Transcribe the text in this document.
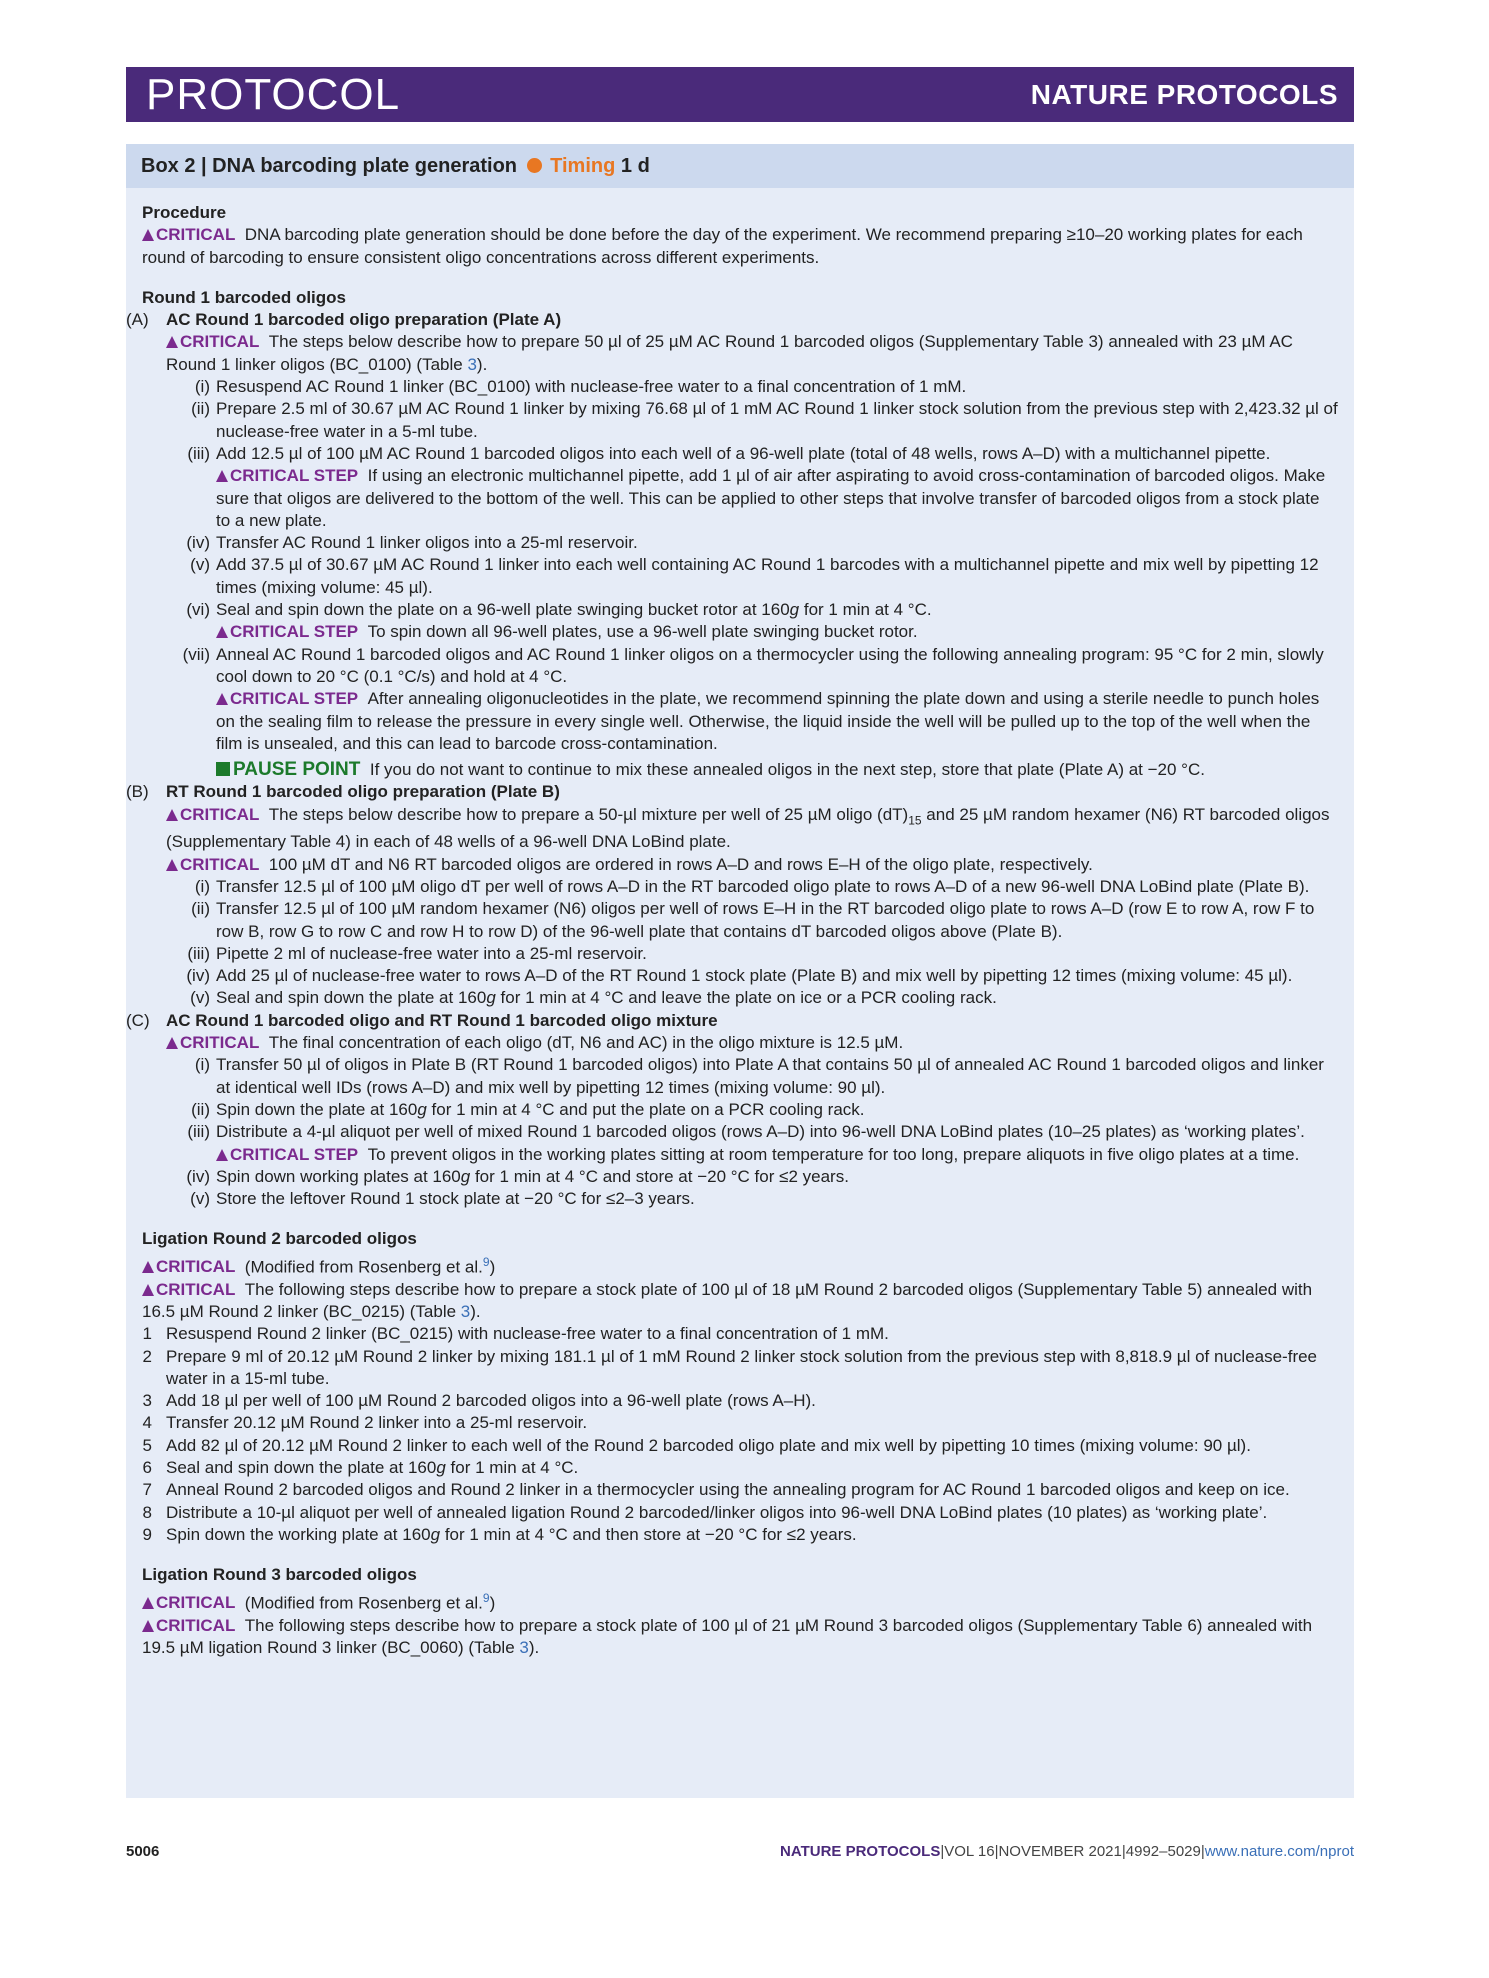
PROTOCOL	NATURE PROTOCOLS
Box 2 | DNA barcoding plate generation Timing 1 d

Procedure

CRITICAL DNA barcoding plate generation should be done before the day of the experiment. We recommend preparing ≥10–20 working plates for each round of barcoding to ensure consistent oligo concentrations across different experiments.

Round 1 barcoded oligos

(A)	AC Round 1 barcoded oligo preparation (Plate A)

CRITICAL The steps below describe how to prepare 50 µl of 25 µM AC Round 1 barcoded oligos (Supplementary Table 3) annealed with 23 µM AC Round 1 linker oligos (BC_0100) (Table 3).

(i) Resuspend AC Round 1 linker (BC_0100) with nuclease-free water to a final concentration of 1 mM.
(ii) Prepare 2.5 ml of 30.67 µM AC Round 1 linker by mixing 76.68 µl of 1 mM AC Round 1 linker stock solution from the previous step with 2,423.32 µl of nuclease-free water in a 5-ml tube.
(iii) Add 12.5 µl of 100 µM AC Round 1 barcoded oligos into each well of a 96-well plate (total of 48 wells, rows A–D) with a multichannel pipette.

CRITICAL STEP If using an electronic multichannel pipette, add 1 µl of air after aspirating to avoid cross-contamination of barcoded oligos. Make sure that oligos are delivered to the bottom of the well. This can be applied to other steps that involve transfer of barcoded oligos from a stock plate to a new plate.

(iv) Transfer AC Round 1 linker oligos into a 25-ml reservoir.
(v) Add 37.5 µl of 30.67 µM AC Round 1 linker into each well containing AC Round 1 barcodes with a multichannel pipette and mix well by pipetting 12 times (mixing volume: 45 µl).
(vi) Seal and spin down the plate on a 96-well plate swinging bucket rotor at 160g for 1 min at 4 °C.

CRITICAL STEP To spin down all 96-well plates, use a 96-well plate swinging bucket rotor.

(vii) Anneal AC Round 1 barcoded oligos and AC Round 1 linker oligos on a thermocycler using the following annealing program: 95 °C for 2 min, slowly cool down to 20 °C (0.1 °C/s) and hold at 4 °C.

CRITICAL STEP After annealing oligonucleotides in the plate, we recommend spinning the plate down and using a sterile needle to punch holes on the sealing film to release the pressure in every single well. Otherwise, the liquid inside the well will be pulled up to the top of the well when the film is unsealed, and this can lead to barcode cross-contamination.

PAUSE POINT If you do not want to continue to mix these annealed oligos in the next step, store that plate (Plate A) at −20 °C.

(B)	RT Round 1 barcoded oligo preparation (Plate B)

CRITICAL The steps below describe how to prepare a 50-µl mixture per well of 25 µM oligo $(dT)_{15}$ and 25 µM random hexamer (N6) RT barcoded oligos (Supplementary Table 4) in each of 48 wells of a 96-well DNA LoBind plate.

CRITICAL 100 µM dT and N6 RT barcoded oligos are ordered in rows A–D and rows E–H of the oligo plate, respectively.

(i) Transfer 12.5 µl of 100 µM oligo dT per well of rows A–D in the RT barcoded oligo plate to rows A–D of a new 96-well DNA LoBind plate (Plate B).
(ii) Transfer 12.5 µl of 100 µM random hexamer (N6) oligos per well of rows E–H in the RT barcoded oligo plate to rows A–D (row E to row A, row F to row B, row G to row C and row H to row D) of the 96-well plate that contains dT barcoded oligos above (Plate B).
(iii) Pipette 2 ml of nuclease-free water into a 25-ml reservoir.
(iv) Add 25 µl of nuclease-free water to rows A–D of the RT Round 1 stock plate (Plate B) and mix well by pipetting 12 times (mixing volume: 45 µl).
(v) Seal and spin down the plate at 160g for 1 min at 4 °C and leave the plate on ice or a PCR cooling rack.
(C) AC Round 1 barcoded oligo and RT Round 1 barcoded oligo mixture

CRITICAL The final concentration of each oligo (dT, N6 and AC) in the oligo mixture is 12.5 µM.

(i) Transfer 50 µl of oligos in Plate B (RT Round 1 barcoded oligos) into Plate A that contains 50 µl of annealed AC Round 1 barcoded oligos and linker at identical well IDs (rows A–D) and mix well by pipetting 12 times (mixing volume: 90 µl).
(ii) Spin down the plate at 160g for 1 min at 4 °C and put the plate on a PCR cooling rack.
(iii) Distribute a 4-µl aliquot per well of mixed Round 1 barcoded oligos (rows A–D) into 96-well DNA LoBind plates (10–25 plates) as ‘working plates’.

CRITICAL STEP To prevent oligos in the working plates sitting at room temperature for too long, prepare aliquots in five oligo plates at a time.

(iv) Spin down working plates at 160g for 1 min at 4 °C and store at −20 °C for ≤2 years.
(v) Store the leftover Round 1 stock plate at −20 °C for ≤2–3 years.

Ligation Round 2 barcoded oligos

CRITICAL (Modified from Rosenberg et al.$^9$)

CRITICAL The following steps describe how to prepare a stock plate of 100 µl of 18 µM Round 2 barcoded oligos (Supplementary Table 5) annealed with 16.5 µM Round 2 linker (BC_0215) (Table 3).

1 Resuspend Round 2 linker (BC_0215) with nuclease-free water to a final concentration of 1 mM.
2 Prepare 9 ml of 20.12 µM Round 2 linker by mixing 181.1 µl of 1 mM Round 2 linker stock solution from the previous step with 8,818.9 µl of nuclease-free water in a 15-ml tube.
3 Add 18 µl per well of 100 µM Round 2 barcoded oligos into a 96-well plate (rows A–H).
4 Transfer 20.12 µM Round 2 linker into a 25-ml reservoir.
5 Add 82 µl of 20.12 µM Round 2 linker to each well of the Round 2 barcoded oligo plate and mix well by pipetting 10 times (mixing volume: 90 µl).
6 Seal and spin down the plate at 160g for 1 min at 4 °C.
7 Anneal Round 2 barcoded oligos and Round 2 linker in a thermocycler using the annealing program for AC Round 1 barcoded oligos and keep on ice.
8 Distribute a 10-µl aliquot per well of annealed ligation Round 2 barcoded/linker oligos into 96-well DNA LoBind plates (10 plates) as ‘working plate’.
9 Spin down the working plate at 160g for 1 min at 4 °C and then store at −20 °C for ≤2 years.

Ligation Round 3 barcoded oligos

CRITICAL (Modified from Rosenberg et al.$^9$)

CRITICAL The following steps describe how to prepare a stock plate of 100 µl of 21 µM Round 3 barcoded oligos (Supplementary Table 6) annealed with 19.5 µM ligation Round 3 linker (BC_0060) (Table 3).

5006	NATURE PROTOCOLS|VOL 16|NOVEMBER 2021|4992–5029|www.nature.com/nprot
